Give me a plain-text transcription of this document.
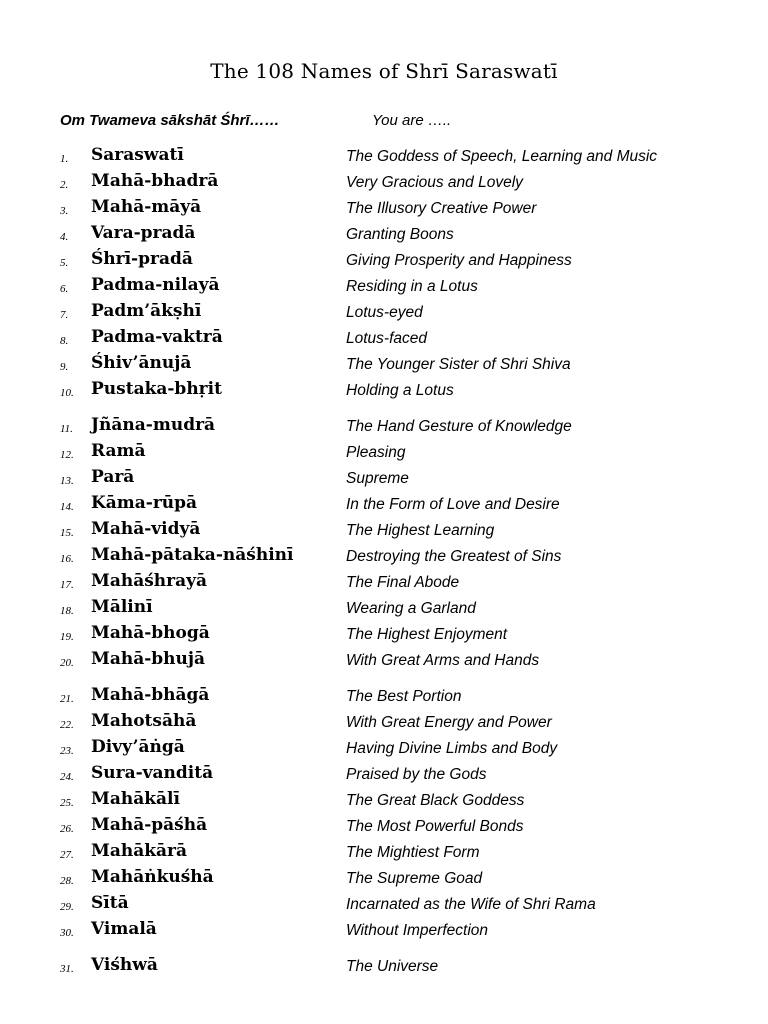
The 108 Names of Shrī Saraswatī
Om Twameva sākshāt Śhrī……	You are …..
1. Saraswatī	The Goddess of Speech, Learning and Music
2. Mahā-bhadrā	Very Gracious and Lovely
3. Mahā-māyā	The Illusory Creative Power
4. Vara-pradā	Granting Boons
5. Śhrī-pradā	Giving Prosperity and Happiness
6. Padma-nilayā	Residing in a Lotus
7. Padm’ākṣhī	Lotus-eyed
8. Padma-vaktrā	Lotus-faced
9. Śhiv’ānujā	The Younger Sister of Shri Shiva
10. Pustaka-bhṛit	Holding a Lotus
11. Jñāna-mudrā	The Hand Gesture of Knowledge
12. Ramā	Pleasing
13. Parā	Supreme
14. Kāma-rūpā	In the Form of Love and Desire
15. Mahā-vidyā	The Highest Learning
16. Mahā-pātaka-nāśhinī	Destroying the Greatest of Sins
17. Mahāśhrayā	The Final Abode
18. Mālinī	Wearing a Garland
19. Mahā-bhogā	The Highest Enjoyment
20. Mahā-bhujā	With Great Arms and Hands
21. Mahā-bhāgā	The Best Portion
22. Mahotsāhā	With Great Energy and Power
23. Divy’āṅgā	Having Divine Limbs and Body
24. Sura-vanditā	Praised by the Gods
25. Mahākālī	The Great Black Goddess
26. Mahā-pāśhā	The Most Powerful Bonds
27. Mahākārā	The Mightiest Form
28. Mahāṅkuśhā	The Supreme Goad
29. Sītā	Incarnated as the Wife of Shri Rama
30. Vimalā	Without Imperfection
31. Viśhwā	The Universe
